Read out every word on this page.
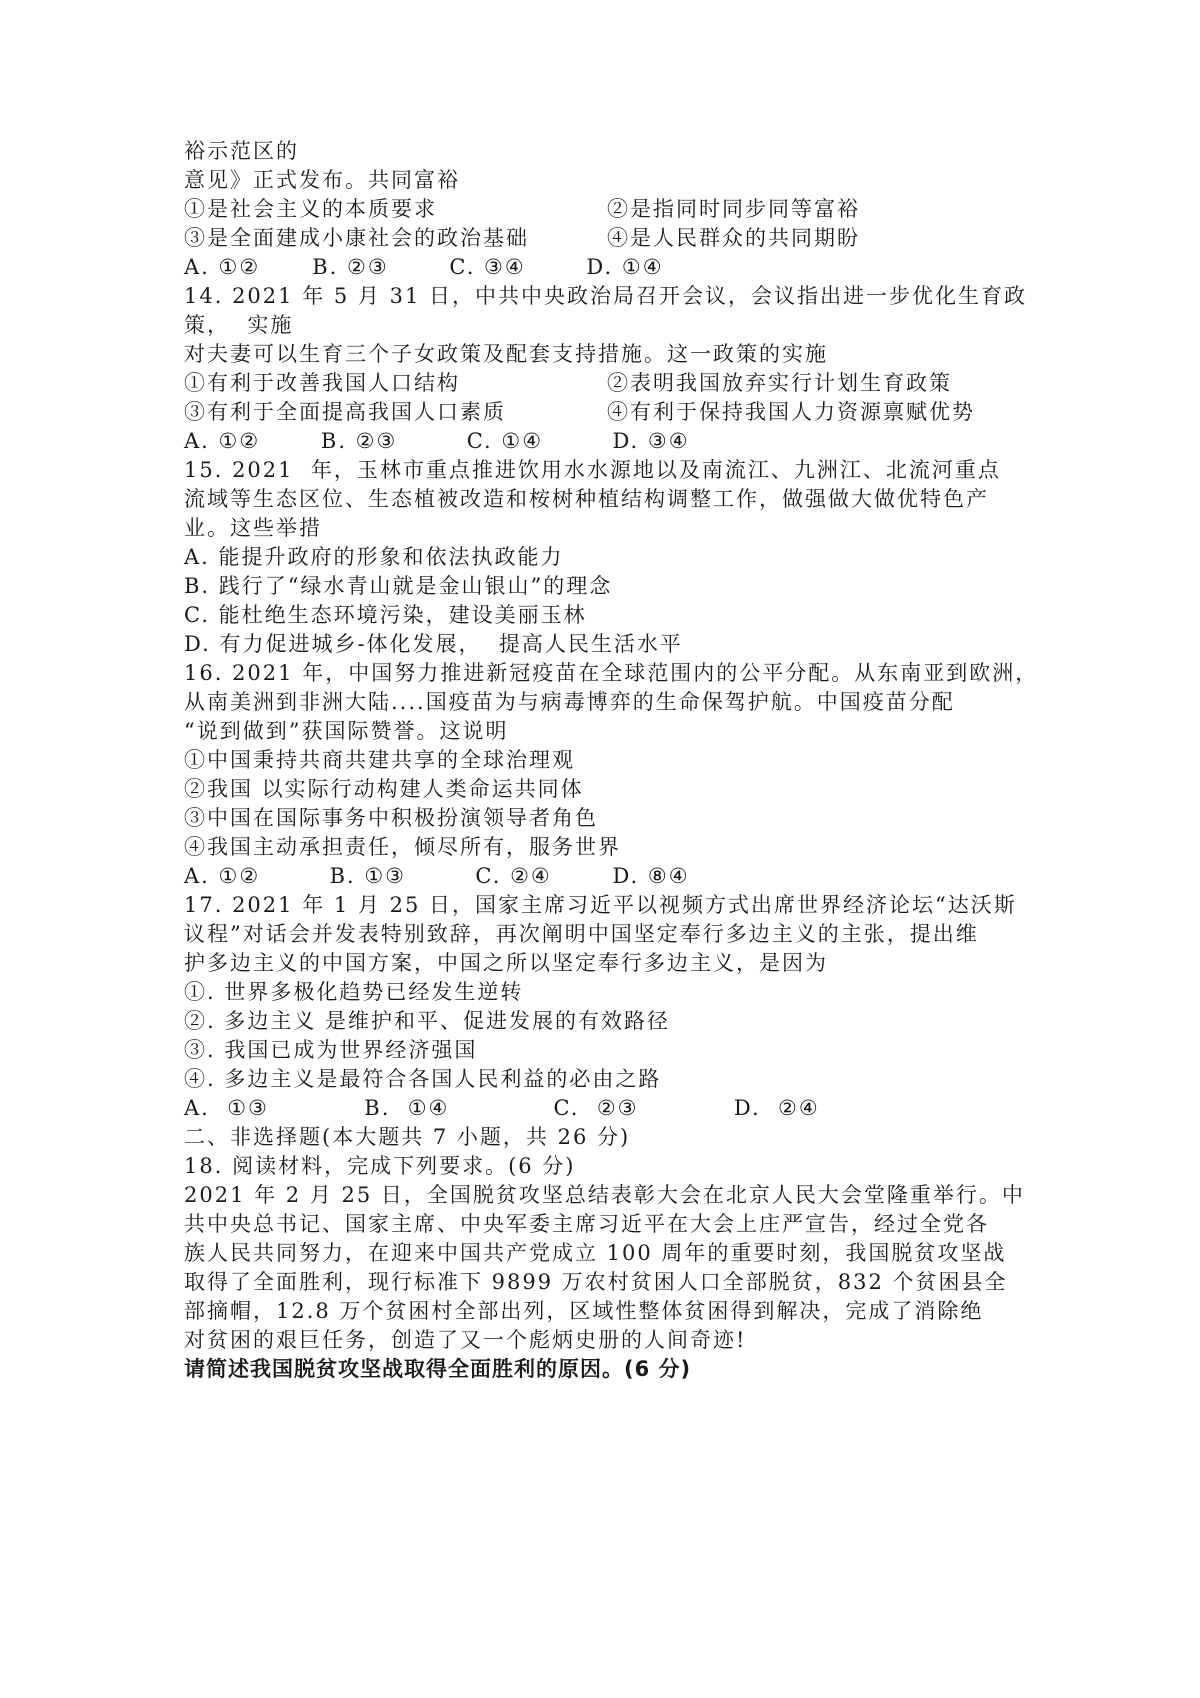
裕示范区的
意见》正式发布。共同富裕
①是社会主义的本质要求	②是指同时同步同等富裕
③是全面建成小康社会的政治基础	④是人民群众的共同期盼
A. ①②      B. ②③       C. ③④       D. ①④
14. 2021 年 5 月 31 日，中共中央政治局召开会议，会议指出进一步优化生育政
策，  实施
对夫妻可以生育三个子女政策及配套支持措施。这一政策的实施
①有利于改善我国人口结构	②表明我国放弃实行计划生育政策
③有利于全面提高我国人口素质	④有利于保持我国人力资源禀赋优势
A. ①②       B. ②③        C. ①④        D. ③④
15. 2021  年，玉林市重点推进饮用水水源地以及南流江、九洲江、北流河重点
流域等生态区位、生态植被改造和桉树种植结构调整工作，做强做大做优特色产
业。这些举措
A. 能提升政府的形象和依法执政能力
B. 践行了“绿水青山就是金山银山”的理念
C. 能杜绝生态环境污染，建设美丽玉林
D. 有力促进城乡-体化发展，  提高人民生活水平
16. 2021 年，中国努力推进新冠疫苗在全球范围内的公平分配。从东南亚到欧洲，
从南美洲到非洲大陆....国疫苗为与病毒博弈的生命保驾护航。中国疫苗分配
“说到做到”获国际赞誉。这说明
①中国秉持共商共建共享的全球治理观
②我国 以实际行动构建人类命运共同体
③中国在国际事务中积极扮演领导者角色
④我国主动承担责任，倾尽所有，服务世界
A. ①②        B. ①③        C. ②④       D. ⑧④
17. 2021 年 1 月 25 日，国家主席习近平以视频方式出席世界经济论坛“达沃斯
议程”对话会并发表特别致辞，再次阐明中国坚定奉行多边主义的主张，提出维
护多边主义的中国方案，中国之所以坚定奉行多边主义，是因为
①. 世界多极化趋势已经发生逆转
②. 多边主义 是维护和平、促进发展的有效路径
③. 我国已成为世界经济强国
④. 多边主义是最符合各国人民利益的必由之路
A.  ①③           B.  ①④            C.  ②③           D.  ②④
二、非选择题(本大题共 7 小题，共 26 分)
18. 阅读材料，完成下列要求。(6 分)
2021 年 2 月 25 日，全国脱贫攻坚总结表彰大会在北京人民大会堂隆重举行。中
共中央总书记、国家主席、中央军委主席习近平在大会上庄严宣告，经过全党各
族人民共同努力，在迎来中国共产党成立 100 周年的重要时刻，我国脱贫攻坚战
取得了全面胜利，现行标准下 9899 万农村贫困人口全部脱贫，832 个贫困县全
部摘帽，12.8 万个贫困村全部出列，区域性整体贫困得到解决，完成了消除绝
对贫困的艰巨任务，创造了又一个彪炳史册的人间奇迹!
请简述我国脱贫攻坚战取得全面胜利的原因。(6 分)
